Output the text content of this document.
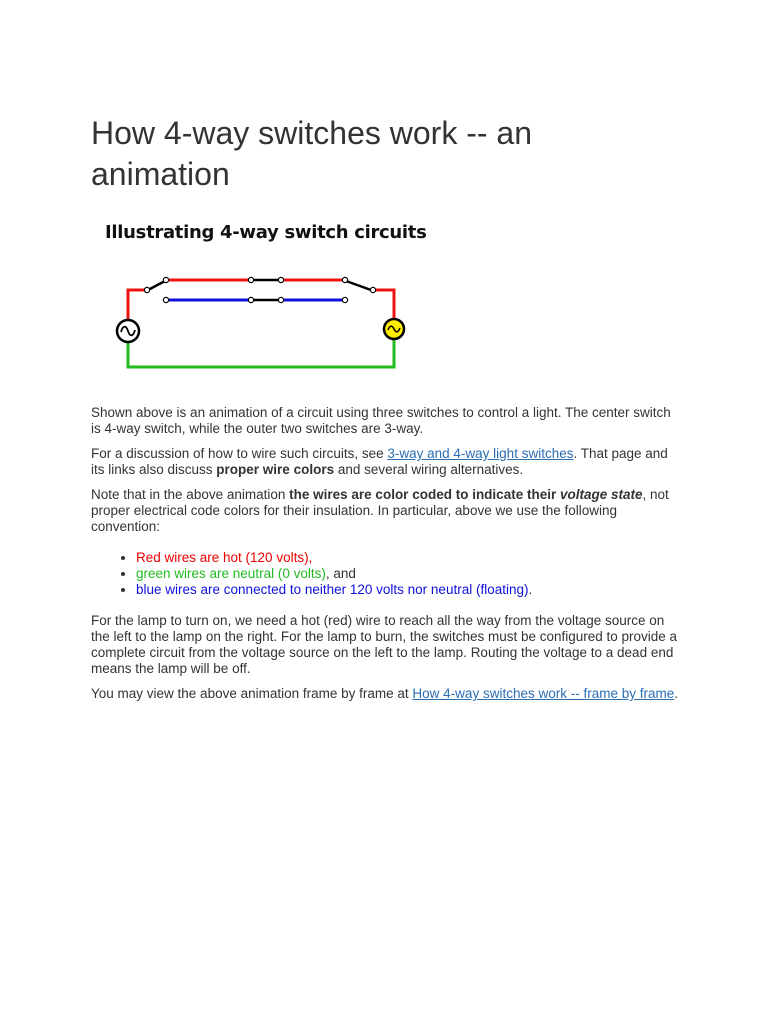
How 4-way switches work -- an animation
Illustrating 4-way switch circuits

Shown above is an animation of a circuit using three switches to control a light. The center switch is 4-way switch, while the outer two switches are 3-way.

For a discussion of how to wire such circuits, see 3-way and 4-way light switches. That page and its links also discuss proper wire colors and several wiring alternatives.

Note that in the above animation the wires are color coded to indicate their voltage state, not proper electrical code colors for their insulation. In particular, above we use the following convention:

• Red wires are hot (120 volts),
• green wires are neutral (0 volts), and
• blue wires are connected to neither 120 volts nor neutral (floating).

For the lamp to turn on, we need a hot (red) wire to reach all the way from the voltage source on the left to the lamp on the right. For the lamp to burn, the switches must be configured to provide a complete circuit from the voltage source on the left to the lamp. Routing the voltage to a dead end means the lamp will be off.

You may view the above animation frame by frame at How 4-way switches work -- frame by frame.
